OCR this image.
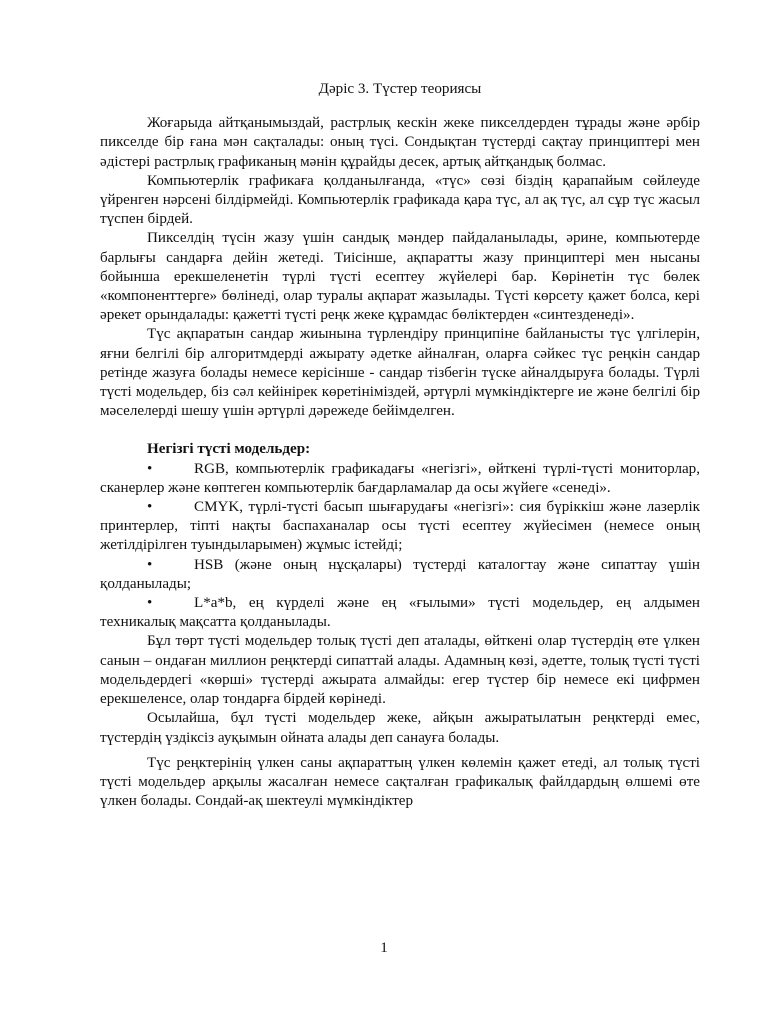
Дәріс 3. Түстер теориясы

Жоғарыда айтқанымыздай, растрлық кескін жеке пикселдерден тұрады және әрбір пикселде бір ғана мән сақталады: оның түсі. Сондықтан түстерді сақтау принциптері мен әдістері растрлық графиканың мәнін құрайды десек, артық айтқандық болмас.

Компьютерлік графикаға қолданылғанда, «түс» сөзі біздің қарапайым сөйлеуде үйренген нәрсені білдірмейді. Компьютерлік графикада қара түс, ал ақ түс, ал сұр түс жасыл түспен бірдей.

Пикселдің түсін жазу үшін сандық мәндер пайдаланылады, әрине, компьютерде барлығы сандарға дейін жетеді. Тиісінше, ақпаратты жазу принциптері мен нысаны бойынша ерекшеленетін түрлі түсті есептеу жүйелері бар. Көрінетін түс бөлек «компоненттерге» бөлінеді, олар туралы ақпарат жазылады. Түсті көрсету қажет болса, кері әрекет орындалады: қажетті түсті реңк жеке құрамдас бөліктерден «синтезденеді».

Түс ақпаратын сандар жиынына түрлендіру принципіне байланысты түс үлгілерін, яғни белгілі бір алгоритмдерді ажырату әдетке айналған, оларға сәйкес түс реңкін сандар ретінде жазуға болады немесе керісінше - сандар тізбегін түске айналдыруға болады. Түрлі түсті модельдер, біз сәл кейінірек көретініміздей, әртүрлі мүмкіндіктерге ие және белгілі бір мәселелерді шешу үшін әртүрлі дәрежеде бейімделген.

Негізгі түсті модельдер:

•	RGB, компьютерлік графикадағы «негізгі», өйткені түрлі-түсті мониторлар, сканерлер және көптеген компьютерлік бағдарламалар да осы жүйеге «сенеді».

•	CMYK, түрлі-түсті басып шығарудағы «негізгі»: сия бүріккіш және лазерлік принтерлер, тіпті нақты баспаханалар осы түсті есептеу жүйесімен (немесе оның жетілдірілген туындыларымен) жұмыс істейді;

•	HSB (және оның нұсқалары) түстерді каталогтау және сипаттау үшін қолданылады;

•	L*a*b, ең күрделі және ең «ғылыми» түсті модельдер, ең алдымен техникалық мақсатта қолданылады.

Бұл төрт түсті модельдер толық түсті деп аталады, өйткені олар түстердің өте үлкен санын – ондаған миллион реңктерді сипаттай алады. Адамның көзі, әдетте, толық түсті түсті модельдердегі «көрші» түстерді ажырата алмайды: егер түстер бір немесе екі цифрмен ерекшеленсе, олар тондарға бірдей көрінеді.

Осылайша, бұл түсті модельдер жеке, айқын ажыратылатын реңктерді емес, түстердің үздіксіз ауқымын ойната алады деп санауға болады.

Түс реңктерінің үлкен саны ақпараттың үлкен көлемін қажет етеді, ал толық түсті түсті модельдер арқылы жасалған немесе сақталған графикалық файлдардың өлшемі өте үлкен болады. Сондай-ақ шектеулі мүмкіндіктер

1
